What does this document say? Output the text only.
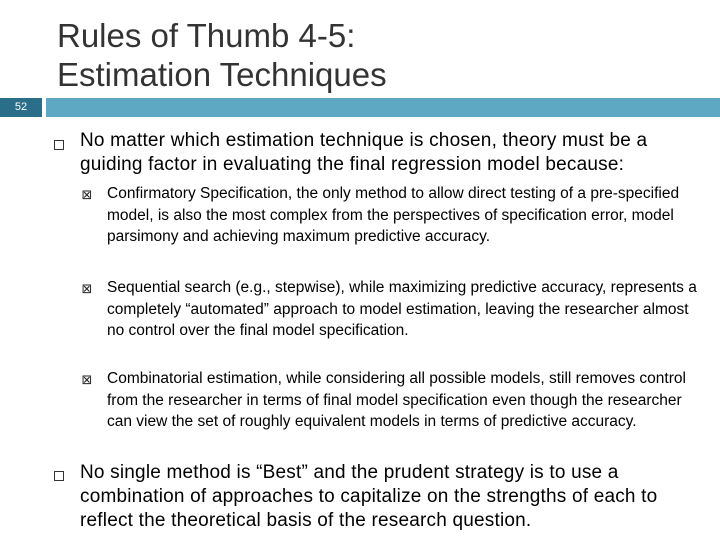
Rules of Thumb 4-5:
Estimation Techniques
52
No matter which estimation technique is chosen, theory must be a guiding factor in evaluating the final regression model because:
⊠ Confirmatory Specification, the only method to allow direct testing of a pre-specified model, is also the most complex from the perspectives of specification error, model parsimony and achieving maximum predictive accuracy.
⊠ Sequential search (e.g., stepwise), while maximizing predictive accuracy, represents a completely “automated” approach to model estimation, leaving the researcher almost no control over the final model specification.
⊠ Combinatorial estimation, while considering all possible models, still removes control from the researcher in terms of final model specification even though the researcher can view the set of roughly equivalent models in terms of predictive accuracy.
No single method is “Best” and the prudent strategy is to use a combination of approaches to capitalize on the strengths of each to reflect the theoretical basis of the research question.
